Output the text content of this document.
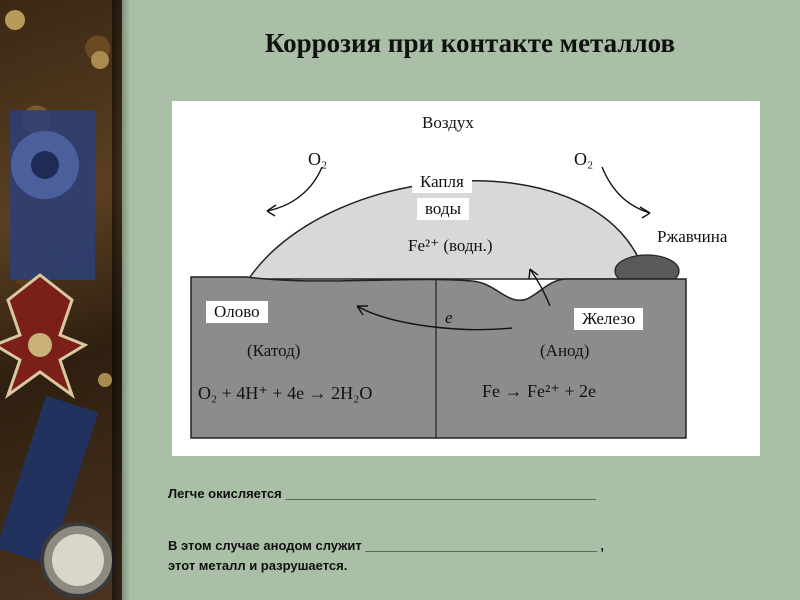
Коррозия при контакте металлов
Воздух
O₂	O₂
Капля
воды
Fe²⁺ (водн.)	Ржавчина
Олово
(Катод)
e	Железо
(Анод)
O₂ + 4H⁺ + 4e → 2H₂O	Fe → Fe²⁺ + 2e
Легче окисляется ___________________________________________
В этом случае анодом служит ________________________________ ,
этот металл и разрушается.
